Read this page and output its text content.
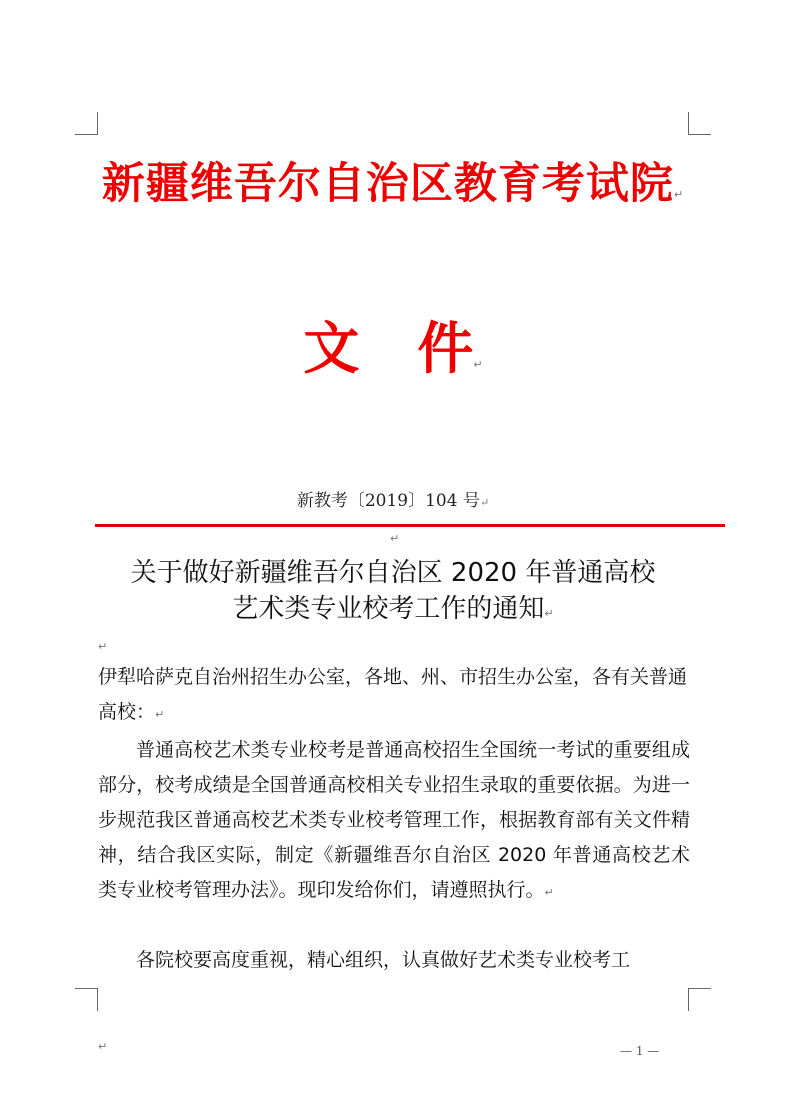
新疆维吾尔自治区教育考试院↵
文 件↵
新教考〔2019〕104 号↵
↵
关于做好新疆维吾尔自治区 2020 年普通高校
艺术类专业校考工作的通知↵
↵
伊犁哈萨克自治州招生办公室，各地、州、市招生办公室，各有关普通高校：↵
普通高校艺术类专业校考是普通高校招生全国统一考试的重要组成部分，校考成绩是全国普通高校相关专业招生录取的重要依据。为进一步规范我区普通高校艺术类专业校考管理工作，根据教育部有关文件精神，结合我区实际，制定《新疆维吾尔自治区 2020 年普通高校艺术类专业校考管理办法》。现印发给你们，请遵照执行。↵
各院校要高度重视，精心组织，认真做好艺术类专业校考工
↵	— 1 —
